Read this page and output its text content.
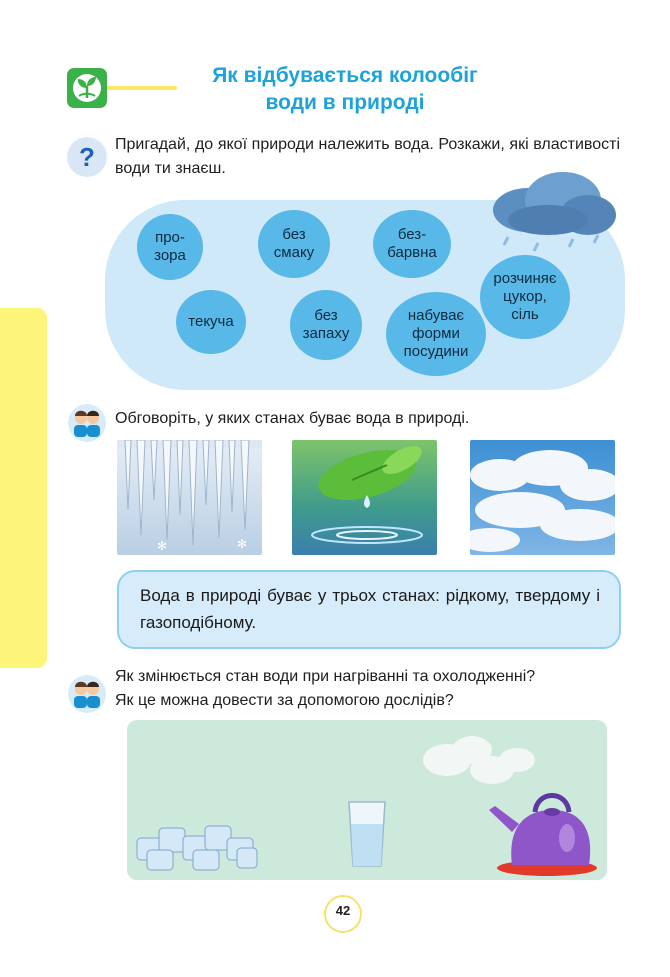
Як відбувається колообіг
води в природі
? Пригадай, до якої природи належить вода. Розкажи, які властивості води ти знаєш.
про-
зора
без
смаку
без-
барвна
текуча	без
запаху
набуває
форми
посудини
розчиняє
цукор,
сіль
Обговоріть, у яких станах буває вода в природі.
✻	✻
Вода в природі буває у трьох станах: рідкому, твердому і газоподібному.
Як змінюється стан води при нагріванні та охолодженні?
Як це можна довести за допомогою дослідів?
42
